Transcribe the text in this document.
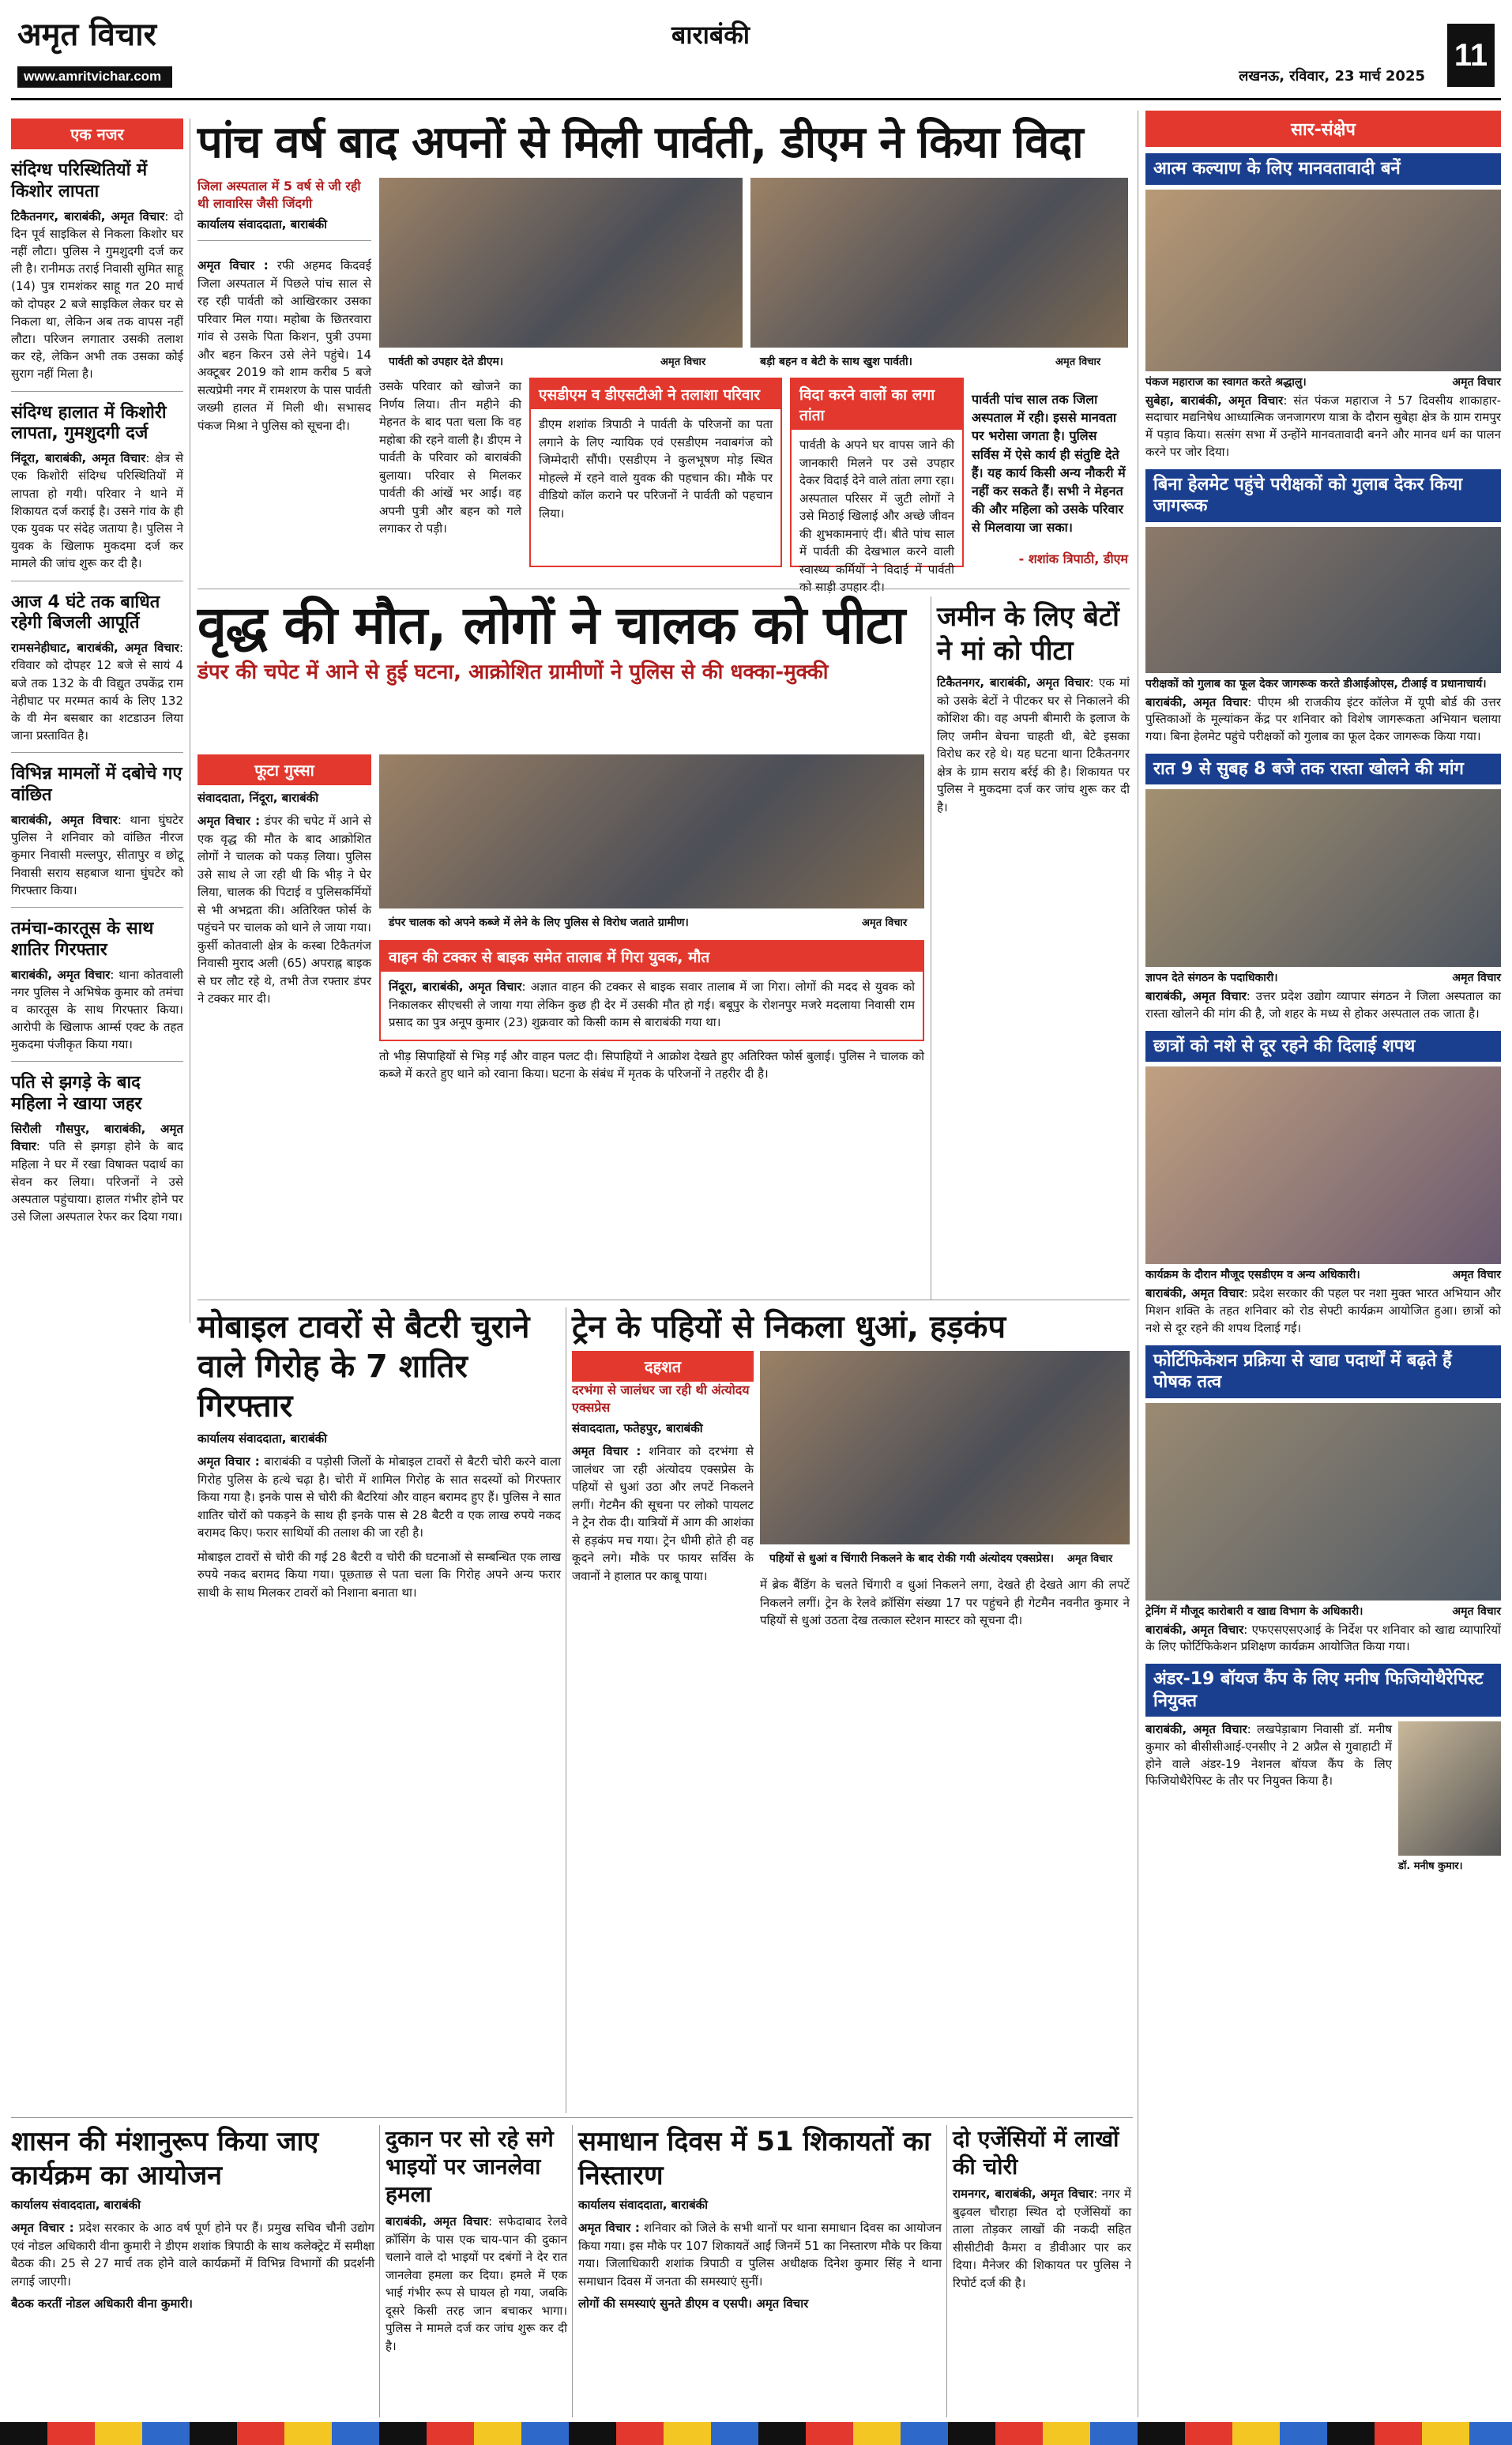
अमृत विचार
www.amritvichar.com
बाराबंकी
लखनऊ, रविवार, 23 मार्च 2025
11
एक नजर
संदिग्ध परिस्थितियों में किशोर लापता

टिकैतनगर, बाराबंकी, अमृत विचार: दो दिन पूर्व साइकिल से निकला किशोर घर नहीं लौटा। पुलिस ने गुमशुदगी दर्ज कर ली है। रानीमऊ तराई निवासी सुमित साहू (14) पुत्र रामशंकर साहू गत 20 मार्च को दोपहर 2 बजे साइकिल लेकर घर से निकला था, लेकिन अब तक वापस नहीं लौटा। परिजन लगातार उसकी तलाश कर रहे, लेकिन अभी तक उसका कोई सुराग नहीं मिला है।

संदिग्ध हालात में किशोरी लापता, गुमशुदगी दर्ज

निंदूरा, बाराबंकी, अमृत विचार: क्षेत्र से एक किशोरी संदिग्ध परिस्थितियों में लापता हो गयी। परिवार ने थाने में शिकायत दर्ज कराई है। उसने गांव के ही एक युवक पर संदेह जताया है। पुलिस ने युवक के खिलाफ मुकदमा दर्ज कर मामले की जांच शुरू कर दी है।

आज 4 घंटे तक बाधित रहेगी बिजली आपूर्ति

रामसनेहीघाट, बाराबंकी, अमृत विचार: रविवार को दोपहर 12 बजे से सायं 4 बजे तक 132 के वी विद्युत उपकेंद्र राम नेहीघाट पर मरम्मत कार्य के लिए 132 के वी मेन बसबार का शटडाउन लिया जाना प्रस्तावित है।

विभिन्न मामलों में दबोचे गए वांछित

बाराबंकी, अमृत विचार: थाना घुंघटेर पुलिस ने शनिवार को वांछित नीरज कुमार निवासी मल्लपुर, सीतापुर व छोटू निवासी सराय सहबाज थाना घुंघटेर को गिरफ्तार किया।

तमंचा-कारतूस के साथ शातिर गिरफ्तार

बाराबंकी, अमृत विचार: थाना कोतवाली नगर पुलिस ने अभिषेक कुमार को तमंचा व कारतूस के साथ गिरफ्तार किया। आरोपी के खिलाफ आर्म्स एक्ट के तहत मुकदमा पंजीकृत किया गया।

पति से झगड़े के बाद महिला ने खाया जहर

सिरौली गौसपुर, बाराबंकी, अमृत विचार: पति से झगड़ा होने के बाद महिला ने घर में रखा विषाक्त पदार्थ का सेवन कर लिया। परिजनों ने उसे अस्पताल पहुंचाया। हालत गंभीर होने पर उसे जिला अस्पताल रेफर कर दिया गया।

पांच वर्ष बाद अपनों से मिली पार्वती, डीएम ने किया विदा
जिला अस्पताल में 5 वर्ष से जी रही थी लावारिस जैसी जिंदगी
कार्यालय संवाददाता, बाराबंकी
पार्वती को उपहार देते डीएम।	अमृत विचार	बड़ी बहन व बेटी के साथ खुश पार्वती।	अमृत विचार

अमृत विचार : रफी अहमद किदवई जिला अस्पताल में पिछले पांच साल से रह रही पार्वती को आखिरकार उसका परिवार मिल गया। महोबा के छितरवारा गांव से उसके पिता किशन, पुत्री उपमा और बहन किरन उसे लेने पहुंचे। 14 अक्टूबर 2019 को शाम करीब 5 बजे सत्यप्रेमी नगर में रामशरण के पास पार्वती जख्मी हालत में मिली थी। सभासद पंकज मिश्रा ने पुलिस को सूचना दी।

उसके परिवार को खोजने का निर्णय लिया। तीन महीने की मेहनत के बाद पता चला कि वह महोबा की रहने वाली है। डीएम ने पार्वती के परिवार को बाराबंकी बुलाया। परिवार से मिलकर पार्वती की आंखें भर आईं। वह अपनी पुत्री और बहन को गले लगाकर रो पड़ी।

एसडीएम व डीएसटीओ ने तलाशा परिवार

डीएम शशांक त्रिपाठी ने पार्वती के परिजनों का पता लगाने के लिए न्यायिक एवं एसडीएम नवाबगंज को जिम्मेदारी सौंपी। एसडीएम ने कुलभूषण मोड़ स्थित मोहल्ले में रहने वाले युवक की पहचान की। मौके पर वीडियो कॉल कराने पर परिजनों ने पार्वती को पहचान लिया।

विदा करने वालों का लगा तांता

पार्वती के अपने घर वापस जाने की जानकारी मिलने पर उसे उपहार देकर विदाई देने वाले तांता लगा रहा। अस्पताल परिसर में जुटी लोगों ने उसे मिठाई खिलाई और अच्छे जीवन की शुभकामनाएं दीं। बीते पांच साल में पार्वती की देखभाल करने वाली स्वास्थ्य कर्मियों ने विदाई में पार्वती को साड़ी उपहार दी।

पार्वती पांच साल तक जिला अस्पताल में रही। इससे मानवता पर भरोसा जगता है। पुलिस सर्विस में ऐसे कार्य ही संतुष्टि देते हैं। यह कार्य किसी अन्य नौकरी में नहीं कर सकते हैं। सभी ने मेहनत की और महिला को उसके परिवार से मिलवाया जा सका।

- शशांक त्रिपाठी, डीएम

वृद्ध की मौत, लोगों ने चालक को पीटा
डंपर की चपेट में आने से हुई घटना, आक्रोशित ग्रामीणों ने पुलिस से की धक्का-मुक्की
फूटा गुस्सा
संवाददाता, निंदूरा, बाराबंकी

अमृत विचार : डंपर की चपेट में आने से एक वृद्ध की मौत के बाद आक्रोशित लोगों ने चालक को पकड़ लिया। पुलिस उसे साथ ले जा रही थी कि भीड़ ने घेर लिया, चालक की पिटाई व पुलिसकर्मियों से भी अभद्रता की। अतिरिक्त फोर्स के पहुंचने पर चालक को थाने ले जाया गया। कुर्सी कोतवाली क्षेत्र के कस्बा टिकैतगंज निवासी मुराद अली (65) अपराह्न बाइक से घर लौट रहे थे, तभी तेज रफ्तार डंपर ने टक्कर मार दी।

डंपर चालक को अपने कब्जे में लेने के लिए पुलिस से विरोध जताते ग्रामीण।	अमृत विचार
जमीन के लिए बेटों ने मां को पीटा

टिकैतनगर, बाराबंकी, अमृत विचार: एक मां को उसके बेटों ने पीटकर घर से निकालने की कोशिश की। वह अपनी बीमारी के इलाज के लिए जमीन बेचना चाहती थी, बेटे इसका विरोध कर रहे थे। यह घटना थाना टिकैतनगर क्षेत्र के ग्राम सराय बर्रई की है। शिकायत पर पुलिस ने मुकदमा दर्ज कर जांच शुरू कर दी है।

वाहन की टक्कर से बाइक समेत तालाब में गिरा युवक, मौत

निंदूरा, बाराबंकी, अमृत विचार: अज्ञात वाहन की टक्कर से बाइक सवार तालाब में जा गिरा। लोगों की मदद से युवक को निकालकर सीएचसी ले जाया गया लेकिन कुछ ही देर में उसकी मौत हो गई। बबूपुर के रोशनपुर मजरे मदलाया निवासी राम प्रसाद का पुत्र अनूप कुमार (23) शुक्रवार को किसी काम से बाराबंकी गया था।

तो भीड़ सिपाहियों से भिड़ गई और वाहन पलट दी। सिपाहियों ने आक्रोश देखते हुए अतिरिक्त फोर्स बुलाई। पुलिस ने चालक को कब्जे में करते हुए थाने को रवाना किया। घटना के संबंध में मृतक के परिजनों ने तहरीर दी है।

मोबाइल टावरों से बैटरी चुराने वाले गिरोह के 7 शातिर गिरफ्तार
कार्यालय संवाददाता, बाराबंकी

अमृत विचार : बाराबंकी व पड़ोसी जिलों के मोबाइल टावरों से बैटरी चोरी करने वाला गिरोह पुलिस के हत्थे चढ़ा है। चोरी में शामिल गिरोह के सात सदस्यों को गिरफ्तार किया गया है। इनके पास से चोरी की बैटरियां और वाहन बरामद हुए हैं। पुलिस ने सात शातिर चोरों को पकड़ने के साथ ही इनके पास से 28 बैटरी व एक लाख रुपये नकद बरामद किए। फरार साथियों की तलाश की जा रही है।

मोबाइल टावरों से चोरी की गई 28 बैटरी व चोरी की घटनाओं से सम्बन्धित एक लाख रुपये नकद बरामद किया गया। पूछताछ से पता चला कि गिरोह अपने अन्य फरार साथी के साथ मिलकर टावरों को निशाना बनाता था।

ट्रेन के पहियों से निकला धुआं, हड़कंप
दहशत
दरभंगा से जालंधर जा रही थी अंत्योदय एक्सप्रेस
संवाददाता, फतेहपुर, बाराबंकी

अमृत विचार : शनिवार को दरभंगा से जालंधर जा रही अंत्योदय एक्सप्रेस के पहियों से धुआं उठा और लपटें निकलने लगीं। गेटमैन की सूचना पर लोको पायलट ने ट्रेन रोक दी। यात्रियों में आग की आशंका से हड़कंप मच गया। ट्रेन धीमी होते ही वह कूदने लगे। मौके पर फायर सर्विस के जवानों ने हालात पर काबू पाया।

पहियों से धुआं व चिंगारी निकलने के बाद रोकी गयी अंत्योदय एक्सप्रेस।	अमृत विचार

में ब्रेक बैंडिंग के चलते चिंगारी व धुआं निकलने लगा, देखते ही देखते आग की लपटें निकलने लगीं। ट्रेन के रेलवे क्रॉसिंग संख्या 17 पर पहुंचने ही गेटमैन नवनीत कुमार ने पहियों से धुआं उठता देख तत्काल स्टेशन मास्टर को सूचना दी।

शासन की मंशानुरूप किया जाए कार्यक्रम का आयोजन
कार्यालय संवाददाता, बाराबंकी

अमृत विचार : प्रदेश सरकार के आठ वर्ष पूर्ण होने पर हैं। प्रमुख सचिव चौनी उद्योग एवं नोडल अधिकारी वीना कुमारी ने डीएम शशांक त्रिपाठी के साथ कलेक्ट्रेट में समीक्षा बैठक की। 25 से 27 मार्च तक होने वाले कार्यक्रमों में विभिन्न विभागों की प्रदर्शनी लगाई जाएगी।

बैठक करतीं नोडल अधिकारी वीना कुमारी।

दुकान पर सो रहे सगे भाइयों पर जानलेवा हमला

बाराबंकी, अमृत विचार: सफेदाबाद रेलवे क्रॉसिंग के पास एक चाय-पान की दुकान चलाने वाले दो भाइयों पर दबंगों ने देर रात जानलेवा हमला कर दिया। हमले में एक भाई गंभीर रूप से घायल हो गया, जबकि दूसरे किसी तरह जान बचाकर भागा। पुलिस ने मामले दर्ज कर जांच शुरू कर दी है।

समाधान दिवस में 51 शिकायतों का निस्तारण
कार्यालय संवाददाता, बाराबंकी

अमृत विचार : शनिवार को जिले के सभी थानों पर थाना समाधान दिवस का आयोजन किया गया। इस मौके पर 107 शिकायतें आईं जिनमें 51 का निस्तारण मौके पर किया गया। जिलाधिकारी शशांक त्रिपाठी व पुलिस अधीक्षक दिनेश कुमार सिंह ने थाना समाधान दिवस में जनता की समस्याएं सुनीं।

लोगों की समस्याएं सुनते डीएम व एसपी। अमृत विचार

दो एजेंसियों में लाखों की चोरी

रामनगर, बाराबंकी, अमृत विचार: नगर में बुढ़वल चौराहा स्थित दो एजेंसियों का ताला तोड़कर लाखों की नकदी सहित सीसीटीवी कैमरा व डीवीआर पार कर दिया। मैनेजर की शिकायत पर पुलिस ने रिपोर्ट दर्ज की है।

सार-संक्षेप
आत्म कल्याण के लिए मानवतावादी बनें
पंकज महाराज का स्वागत करते श्रद्धालु।	अमृत विचार

सुबेहा, बाराबंकी, अमृत विचार: संत पंकज महाराज ने 57 दिवसीय शाकाहार-सदाचार मद्यनिषेध आध्यात्मिक जनजागरण यात्रा के दौरान सुबेहा क्षेत्र के ग्राम रामपुर में पड़ाव किया। सत्संग सभा में उन्होंने मानवतावादी बनने और मानव धर्म का पालन करने पर जोर दिया।

बिना हेलमेट पहुंचे परीक्षकों को गुलाब देकर किया जागरूक
परीक्षकों को गुलाब का फूल देकर जागरूक करते डीआईओएस, टीआई व प्रधानाचार्य।

बाराबंकी, अमृत विचार: पीएम श्री राजकीय इंटर कॉलेज में यूपी बोर्ड की उत्तर पुस्तिकाओं के मूल्यांकन केंद्र पर शनिवार को विशेष जागरूकता अभियान चलाया गया। बिना हेलमेट पहुंचे परीक्षकों को गुलाब का फूल देकर जागरूक किया गया।

रात 9 से सुबह 8 बजे तक रास्ता खोलने की मांग
ज्ञापन देते संगठन के पदाधिकारी।	अमृत विचार

बाराबंकी, अमृत विचार: उत्तर प्रदेश उद्योग व्यापार संगठन ने जिला अस्पताल का रास्ता खोलने की मांग की है, जो शहर के मध्य से होकर अस्पताल तक जाता है।

छात्रों को नशे से दूर रहने की दिलाई शपथ
कार्यक्रम के दौरान मौजूद एसडीएम व अन्य अधिकारी।	अमृत विचार

बाराबंकी, अमृत विचार: प्रदेश सरकार की पहल पर नशा मुक्त भारत अभियान और मिशन शक्ति के तहत शनिवार को रोड सेफ्टी कार्यक्रम आयोजित हुआ। छात्रों को नशे से दूर रहने की शपथ दिलाई गई।

फोर्टिफिकेशन प्रक्रिया से खाद्य पदार्थों में बढ़ते हैं पोषक तत्व
ट्रेनिंग में मौजूद कारोबारी व खाद्य विभाग के अधिकारी।	अमृत विचार

बाराबंकी, अमृत विचार: एफएसएसएआई के निर्देश पर शनिवार को खाद्य व्यापारियों के लिए फोर्टिफिकेशन प्रशिक्षण कार्यक्रम आयोजित किया गया।

अंडर-19 बॉयज कैंप के लिए मनीष फिजियोथैरेपिस्ट नियुक्त

बाराबंकी, अमृत विचार: लखपेड़ाबाग निवासी डॉ. मनीष कुमार को बीसीसीआई-एनसीए ने 2 अप्रैल से गुवाहाटी में होने वाले अंडर-19 नेशनल बॉयज कैंप के लिए फिजियोथैरेपिस्ट के तौर पर नियुक्त किया है।

डॉ. मनीष कुमार।
